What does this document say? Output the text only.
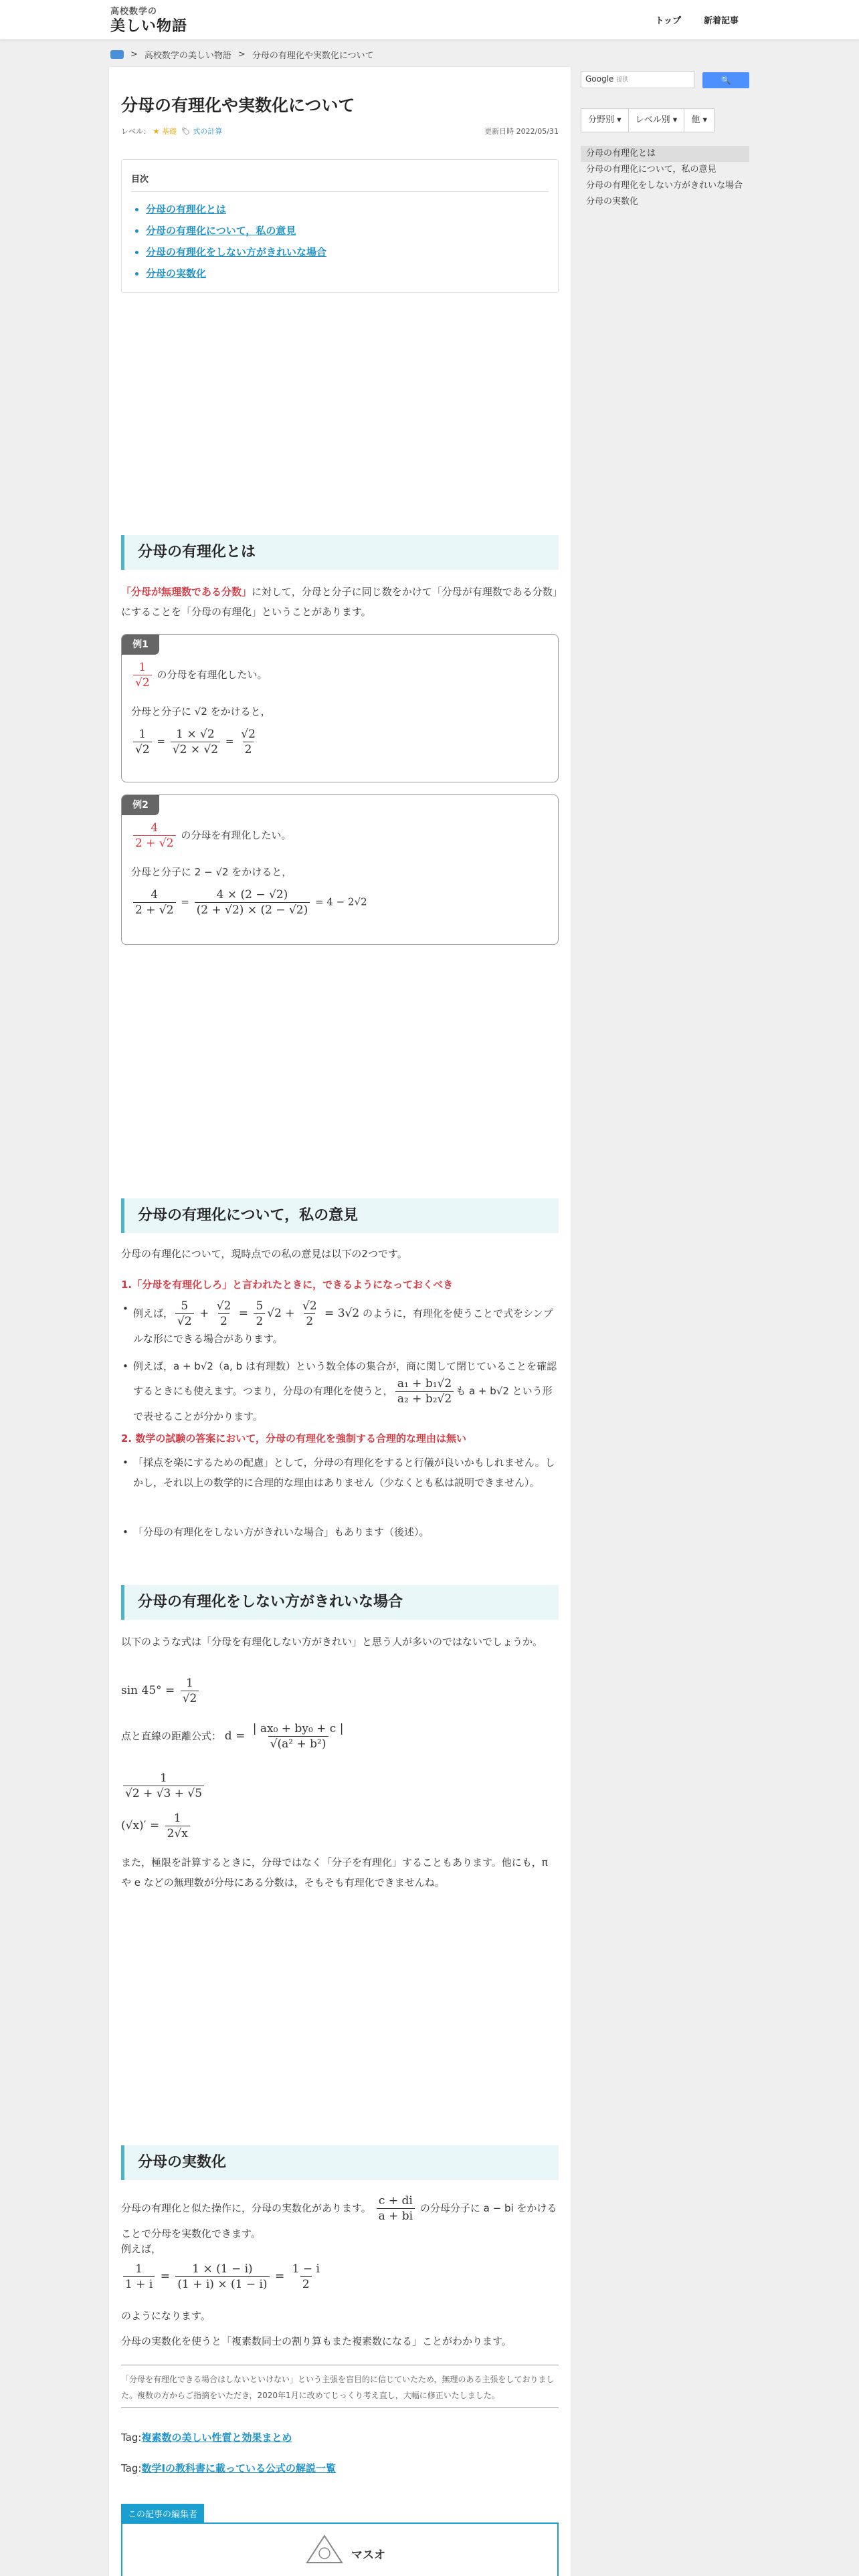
高校数学の
美しい物語	トップ	新着記事
> 高校数学の美しい物語 > 分母の有理化や実数化について
分母の有理化や実数化について
レベル： ★ 基礎 🏷 式の計算	更新日時 2022/05/31
目次
• 分母の有理化とは
• 分母の有理化について，私の意見
• 分母の有理化をしない方がきれいな場合
• 分母の実数化
分母の有理化とは
「分母が無理数である分数」に対して，分母と分子に同じ数をかけて「分母が有理数である分数」にすることを「分母の有理化」ということがあります。
例1
$\frac{1}{√2}$ の分母を有理化したい。
分母と分子に √2 をかけると，
$\frac{1}{√2} = \frac{1 \times √2}{√2 \times √2} = \frac{√2}{2}$
例2
$\frac{4}{2 + √2}$ の分母を有理化したい。
分母と分子に 2 − √2 をかけると，
$\frac{4}{2 + √2} = \frac{4 \times (2 - √2)}{(2 + √2) \times (2 - √2)} = 4 - 2√2$
分母の有理化について，私の意見
分母の有理化について，現時点での私の意見は以下の2つです。
1.「分母を有理化しろ」と言われたときに，できるようになっておくべき
• 例えば， $\frac{5}{√2} + \frac{√2}{2} = \frac{5}{2} √2 + \frac{√2}{2} = 3√2$ のように，有理化を使うことで式をシンプルな形にできる場合があります。
• 例えば，a + b√2（a, b は有理数）という数全体の集合が，商に関して閉じていることを確認するときにも使えます。つまり，分母の有理化を使うと， $\frac{\text{a₁ + b₁√2}}{\text{a₂ + b₂√2}}$ も a + b√2 という形で表せることが分かります。
2. 数学の試験の答案において，分母の有理化を強制する合理的な理由は無い
• 「採点を楽にするための配慮」として，分母の有理化をすると行儀が良いかもしれません。しかし，それ以上の数学的に合理的な理由はありません（少なくとも私は説明できません）。
• 「分母の有理化をしない方がきれいな場合」もあります（後述）。
分母の有理化をしない方がきれいな場合
以下のような式は「分母を有理化しない方がきれい」と思う人が多いのではないでしょうか。
$\sin 45^\circ = \frac{1}{√2}$
点と直線の距離公式： $d = \frac{\text{| ax₀ + by₀ + c |}}{\text{√(a² + b²)}}$
$\frac{1}{√2 + √3 + √5}$
$(√x)' = \frac{1}{2√x}$
また，極限を計算するときに，分母ではなく「分子を有理化」することもあります。他にも，π や e などの無理数が分母にある分数は，そもそも有理化できませんね。
分母の実数化
分母の有理化と似た操作に，分母の実数化があります。 $\frac{c + di}{a + bi}$ の分母分子に a − bi をかけることで分母を実数化できます。
例えば，
$\frac{1}{1 + i} = \frac{1 \times (1 - i)}{(1 + i) \times (1 - i)} = \frac{1 - i}{2}$
のようになります。
分母の実数化を使うと「複素数同士の割り算もまた複素数になる」ことがわかります。
「分母を有理化できる場合はしないといけない」という主張を盲目的に信じていたため，無理のある主張をしておりました。複数の方からご指摘をいただき，2020年1月に改めてじっくり考え直し，大幅に修正いたしました。
Tag:複素数の美しい性質と効果まとめ
Tag:数学Iの教科書に載っている公式の解説一覧
この記事の編集者
マスオ
Google 提供	🔍
分野別 ▾	レベル別 ▾	他 ▾
分母の有理化とは
分母の有理化について，私の意見
分母の有理化をしない方がきれいな場合
分母の実数化
